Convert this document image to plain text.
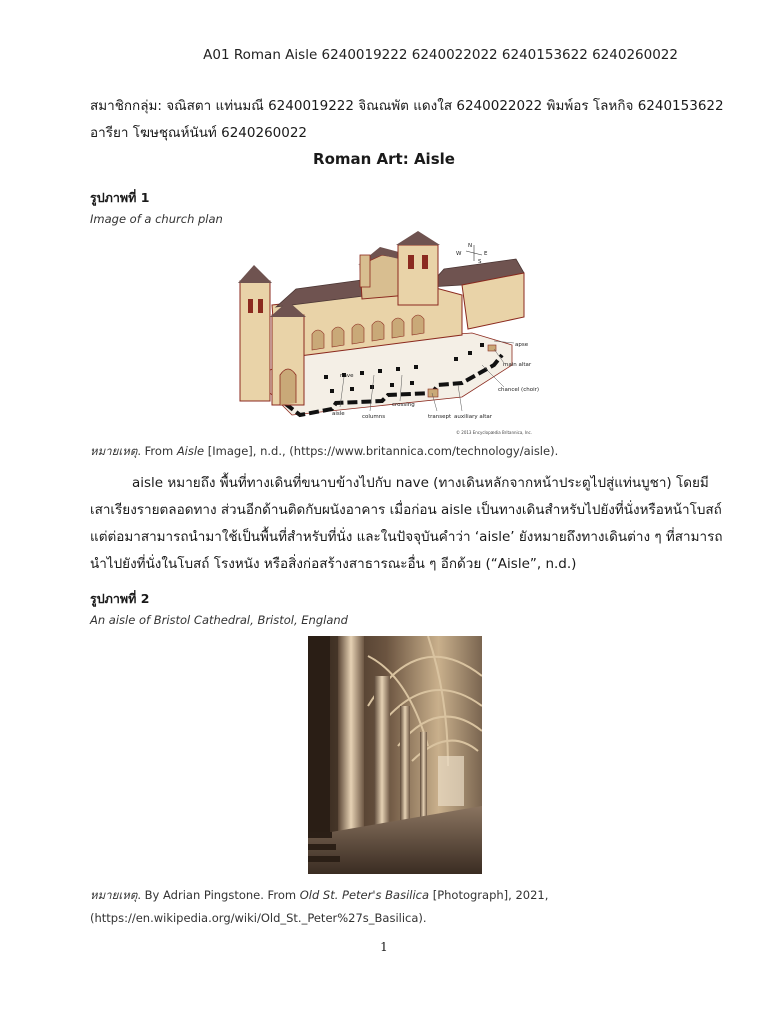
A01 Roman Aisle 6240019222 6240022022 6240153622 6240260022
สมาชิกกลุ่ม: จณิสตา แท่นมณี 6240019222 จิณณพัต แดงใส 6240022022 พิมพ์อร โลหกิจ 6240153622
อารียา โฆษชุณห์นันท์ 6240260022
Roman Art: Aisle
รูปภาพที่ 1
Image of a church plan
N
W	E
S
apse
main altar
chancel (choir)
nave
aisle	columns
crossing
transept auxiliary altar
© 2013 Encyclopædia Britannica, Inc.
หมายเหตุ. From Aisle [Image], n.d., (https://www.britannica.com/technology/aisle).
aisle หมายถึง พื้นที่ทางเดินที่ขนาบข้างไปกับ nave (ทางเดินหลักจากหน้าประตูไปสู่แท่นบูชา) โดยมี
เสาเรียงรายตลอดทาง ส่วนอีกด้านติดกับผนังอาคาร เมื่อก่อน aisle เป็นทางเดินสำหรับไปยังที่นั่งหรือหน้าโบสถ์
แต่ต่อมาสามารถนำมาใช้เป็นพื้นที่สำหรับที่นั่ง และในปัจจุบันคำว่า ‘aisle’ ยังหมายถึงทางเดินต่าง ๆ ที่สามารถ
นำไปยังที่นั่งในโบสถ์ โรงหนัง หรือสิ่งก่อสร้างสาธารณะอื่น ๆ อีกด้วย (“Aisle”, n.d.)
รูปภาพที่ 2
An aisle of Bristol Cathedral, Bristol, England
หมายเหตุ. By Adrian Pingstone. From Old St. Peter's Basilica [Photograph], 2021,
(https://en.wikipedia.org/wiki/Old_St._Peter%27s_Basilica).
1
